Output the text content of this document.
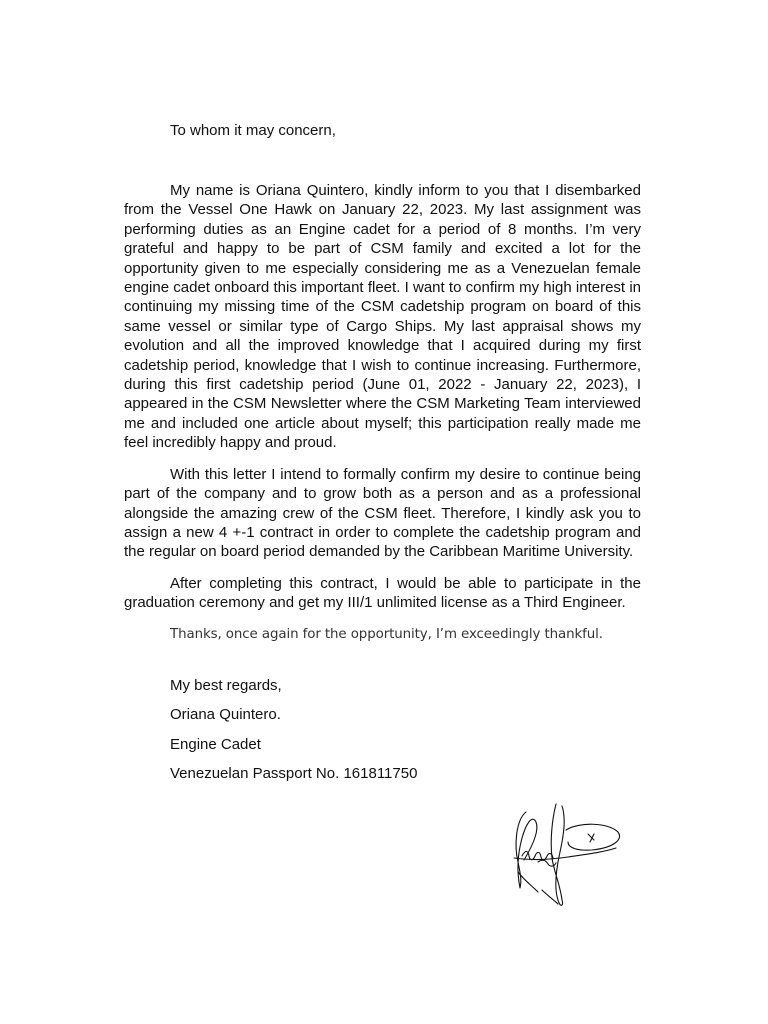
To whom it may concern,

My name is Oriana Quintero, kindly inform to you that I disembarked from the Vessel One Hawk on January 22, 2023. My last assignment was performing duties as an Engine cadet for a period of 8 months. I’m very grateful and happy to be part of CSM family and excited a lot for the opportunity given to me especially considering me as a Venezuelan female engine cadet onboard this important fleet. I want to confirm my high interest in continuing my missing time of the CSM cadetship program on board of this same vessel or similar type of Cargo Ships. My last appraisal shows my evolution and all the improved knowledge that I acquired during my first cadetship period, knowledge that I wish to continue increasing. Furthermore, during this first cadetship period (June 01, 2022 - January 22, 2023), I appeared in the CSM Newsletter where the CSM Marketing Team interviewed me and included one article about myself; this participation really made me feel incredibly happy and proud.

With this letter I intend to formally confirm my desire to continue being part of the company and to grow both as a person and as a professional alongside the amazing crew of the CSM fleet. Therefore, I kindly ask you to assign a new 4 +-1 contract in order to complete the cadetship program and the regular on board period demanded by the Caribbean Maritime University.

After completing this contract, I would be able to participate in the graduation ceremony and get my III/1 unlimited license as a Third Engineer.

Thanks, once again for the opportunity, I’m exceedingly thankful.

My best regards,
Oriana Quintero.
Engine Cadet
Venezuelan Passport No. 161811750
